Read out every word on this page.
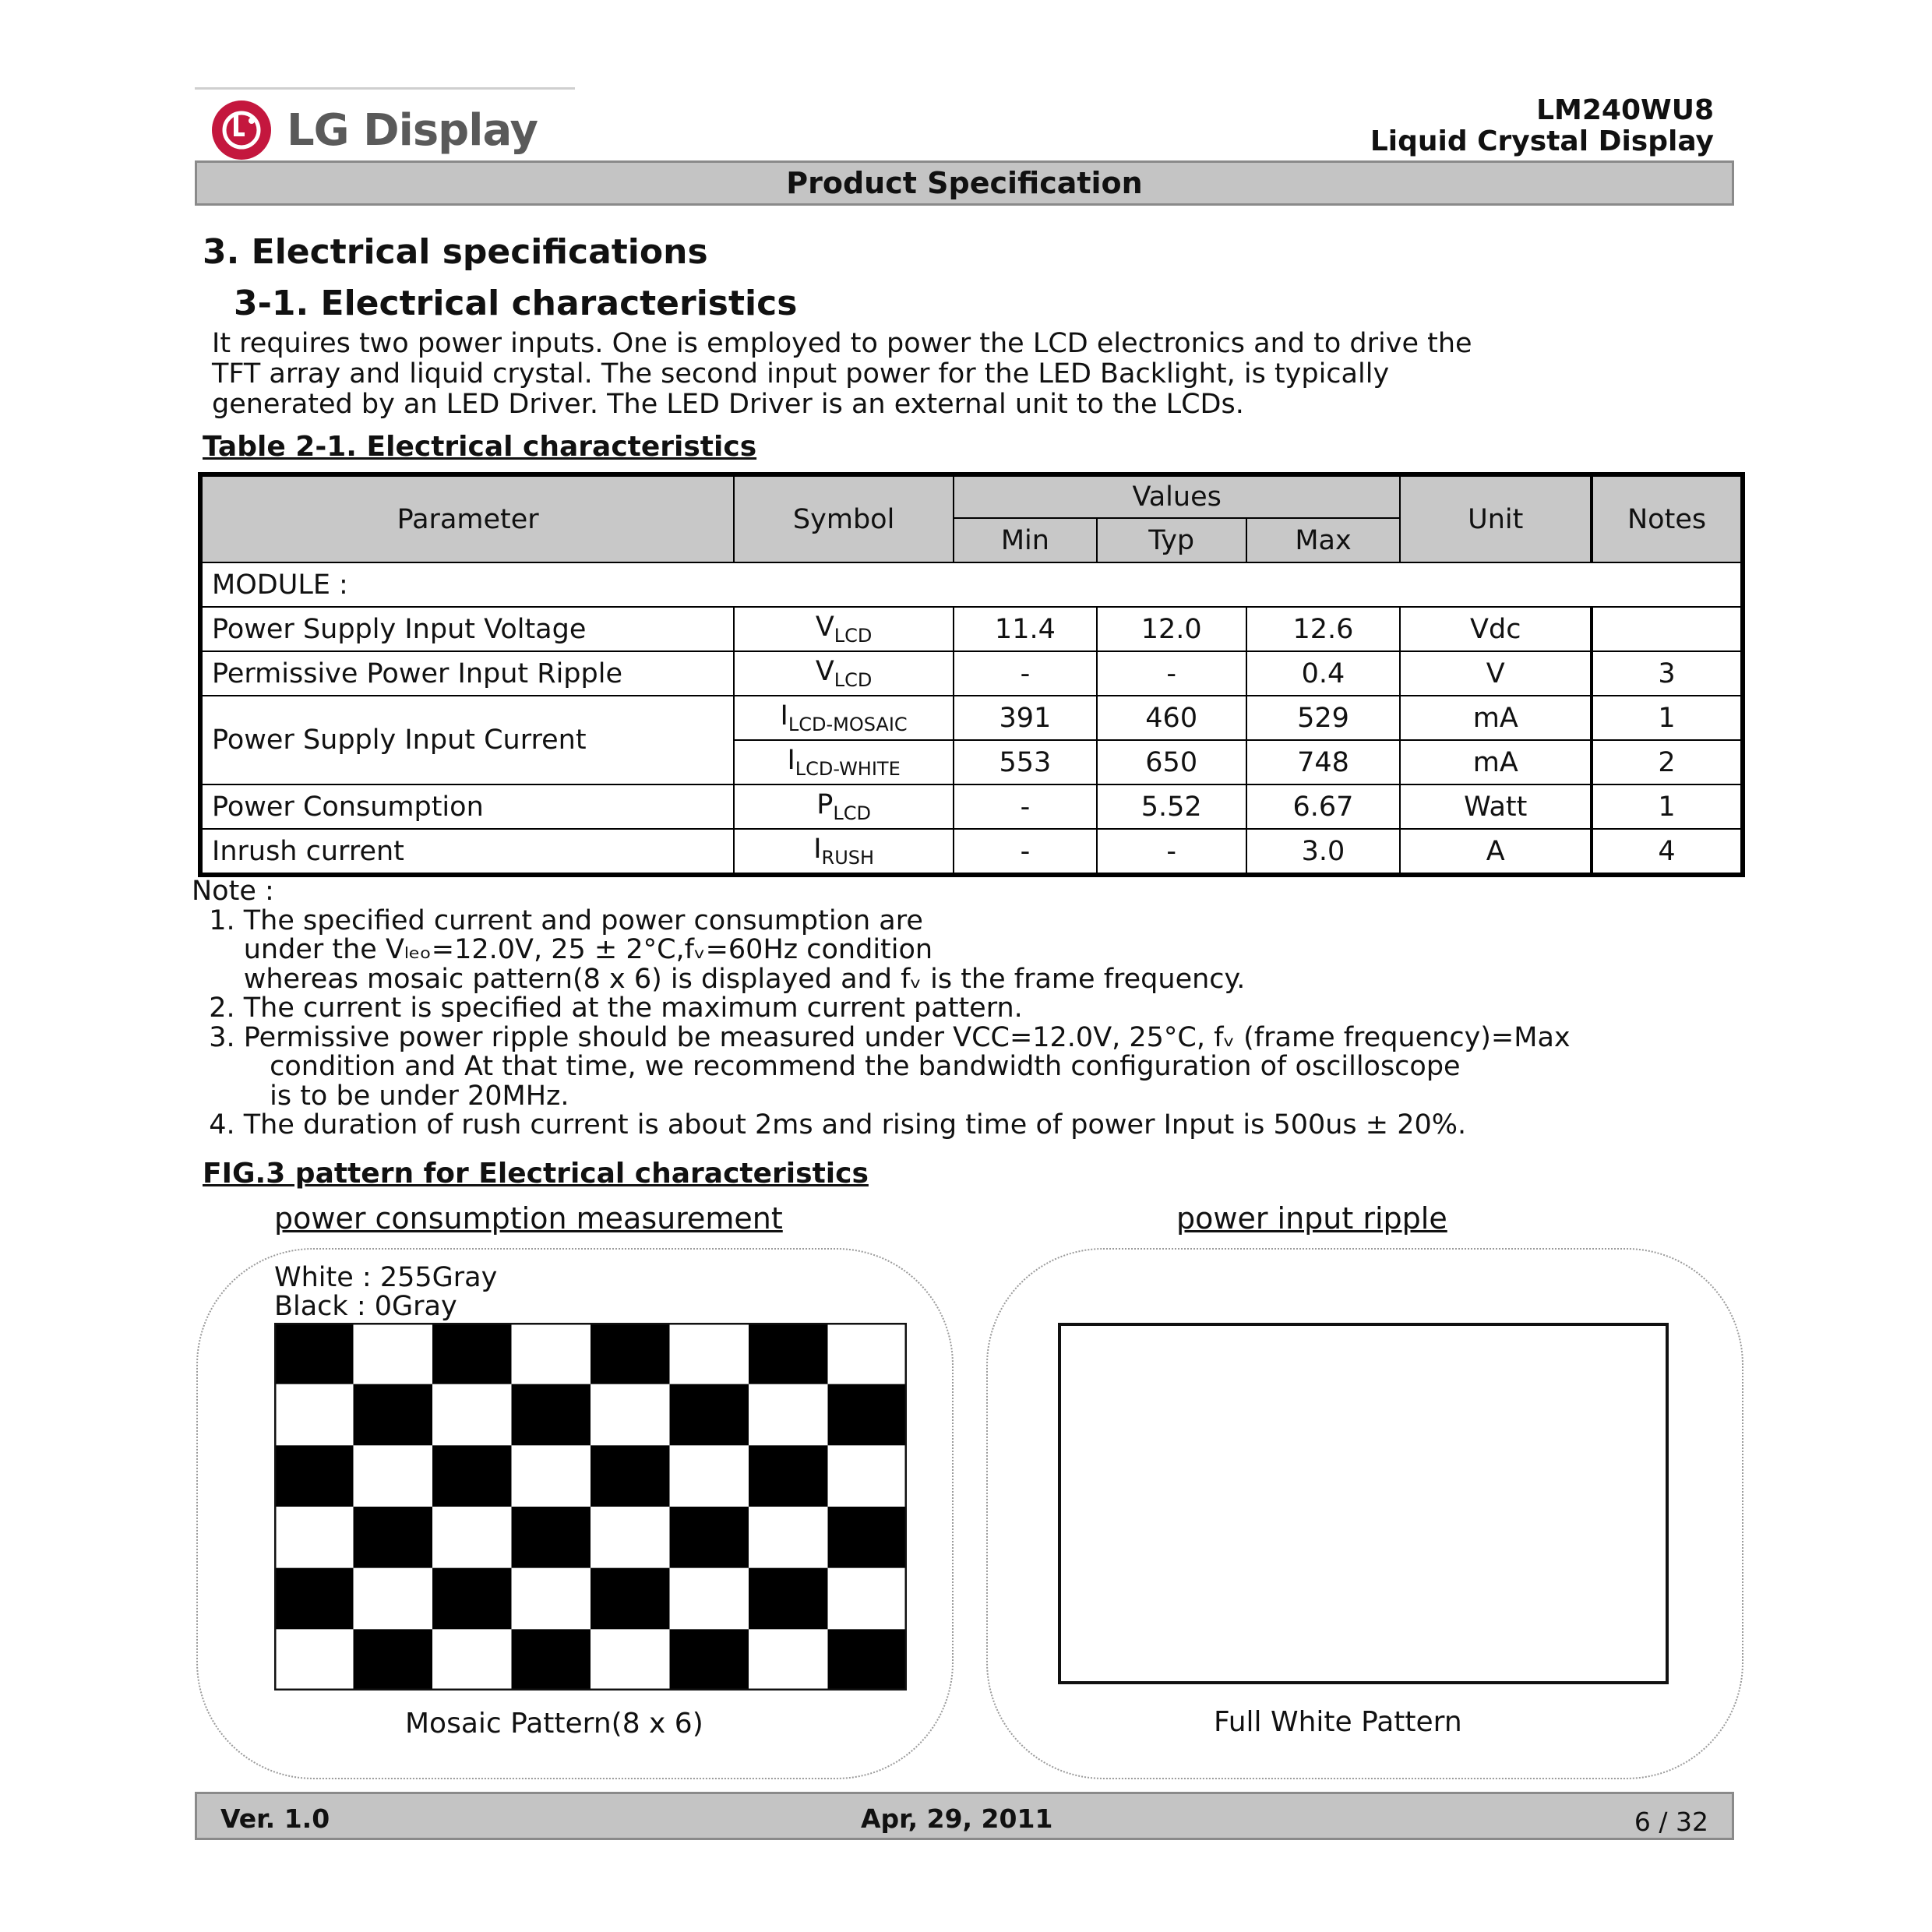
LG Display	LM240WU8
Liquid Crystal Display
Product Specification
3. Electrical specifications
3-1. Electrical characteristics
It requires two power inputs. One is employed to power the LCD electronics and to drive the
TFT array and liquid crystal. The second input power for the LED Backlight, is typically
generated by an LED Driver. The LED Driver is an external unit to the LCDs.
Table 2-1. Electrical characteristics
Parameter	Symbol	Values			Unit	Notes
		Min	Typ	Max		
MODULE :						
Power Supply Input Voltage	$V_{LCD}$	11.4	12.0	12.6	Vdc	
Permissive Power Input Ripple	$V_{LCD}$	-	-	0.4	V	3
Power Supply Input Current	$I_{LCD-MOSAIC}$	391	460	529	mA	1
	$I_{LCD-WHITE}$	553	650	748	mA	2
Power Consumption	$P_{LCD}$	-	5.52	6.67	Watt	1
Inrush current	$I_{RUSH}$	-	-	3.0	A	4
Note :
1. The specified current and power consumption are
under the Vₗₑₒ=12.0V, 25 ± 2°C,fᵥ=60Hz condition
whereas mosaic pattern(8 x 6) is displayed and fᵥ is the frame frequency.
2. The current is specified at the maximum current pattern.
3. Permissive power ripple should be measured under VCC=12.0V, 25°C, fᵥ (frame frequency)=Max
condition and At that time, we recommend the bandwidth configuration of oscilloscope
is to be under 20MHz.
4. The duration of rush current is about 2ms and rising time of power Input is 500us ± 20%.
FIG.3 pattern for Electrical characteristics
power consumption measurement	power input ripple
White : 255Gray
Black : 0Gray
Mosaic Pattern(8 x 6)	Full White Pattern
Ver. 1.0	Apr, 29, 2011	6 / 32
